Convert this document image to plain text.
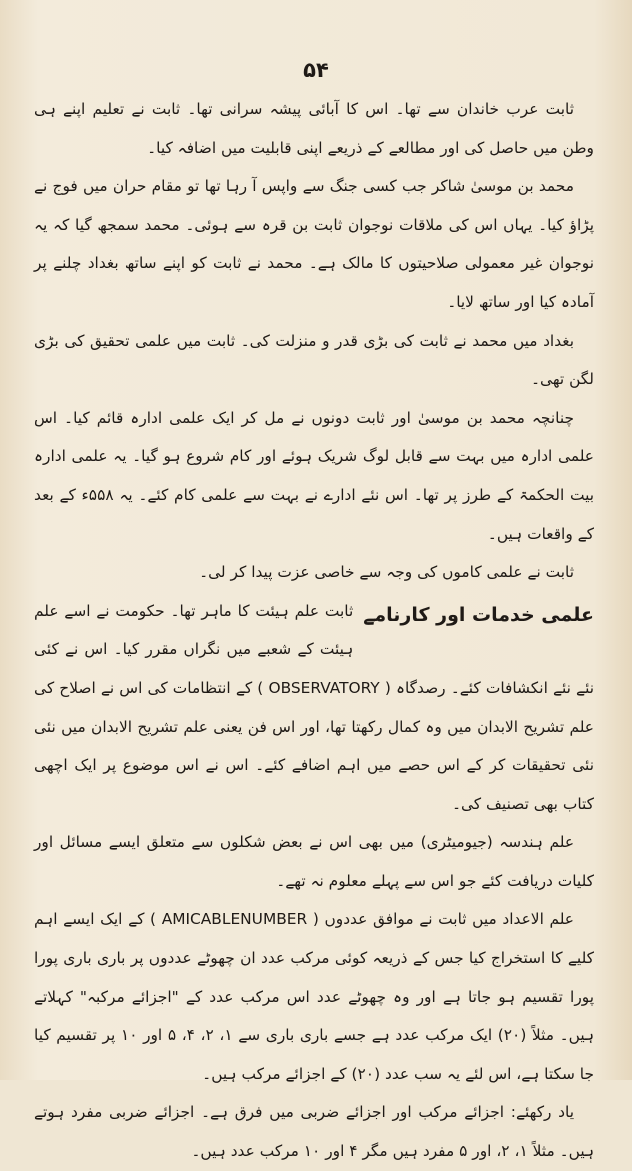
۵۴

ثابت عرب خاندان سے تھا۔ اس کا آبائی پیشہ سرانی تھا۔ ثابت نے تعلیم اپنے ہی وطن میں حاصل کی اور مطالعے کے ذریعے اپنی قابلیت میں اضافہ کیا۔

محمد بن موسیٰ شاکر جب کسی جنگ سے واپس آ رہا تھا تو مقام حران میں فوج نے پڑاؤ کیا۔ یہاں اس کی ملاقات نوجوان ثابت بن قرہ سے ہوئی۔ محمد سمجھ گیا کہ یہ نوجوان غیر معمولی صلاحیتوں کا مالک ہے۔ محمد نے ثابت کو اپنے ساتھ بغداد چلنے پر آمادہ کیا اور ساتھ لایا۔

بغداد میں محمد نے ثابت کی بڑی قدر و منزلت کی۔ ثابت میں علمی تحقیق کی بڑی لگن تھی۔

چنانچہ محمد بن موسیٰ اور ثابت دونوں نے مل کر ایک علمی ادارہ قائم کیا۔ اس علمی ادارہ میں بہت سے قابل لوگ شریک ہوئے اور کام شروع ہو گیا۔ یہ علمی ادارہ بیت الحکمۃ کے طرز پر تھا۔ اس نئے ادارے نے بہت سے علمی کام کئے۔ یہ ۵۵۸ء کے بعد کے واقعات ہیں۔

ثابت نے علمی کاموں کی وجہ سے خاصی عزت پیدا کر لی۔

علمی خدمات اور کارنامے

ثابت علم ہیئت کا ماہر تھا۔ حکومت نے اسے علم ہیئت کے شعبے میں نگراں مقرر کیا۔ اس نے کئی نئے نئے انکشافات کئے۔ رصدگاہ ( OBSERVATORY ) کے انتظامات کی اس نے اصلاح کی علم تشریح الابدان میں وہ کمال رکھتا تھا، اور اس فن یعنی علم تشریح الابدان میں نئی نئی تحقیقات کر کے اس حصے میں اہم اضافے کئے۔ اس نے اس موضوع پر ایک اچھی کتاب بھی تصنیف کی۔

علم ہندسہ (جیومیٹری) میں بھی اس نے بعض شکلوں سے متعلق ایسے مسائل اور کلیات دریافت کئے جو اس سے پہلے معلوم نہ تھے۔

علم الاعداد میں ثابت نے موافق عددوں ( AMICABLENUMBER ) کے ایک ایسے اہم کلیے کا استخراج کیا جس کے ذریعہ کوئی مرکب عدد ان چھوٹے عددوں پر باری باری پورا پورا تقسیم ہو جاتا ہے اور وہ چھوٹے عدد اس مرکب عدد کے "اجزائے مرکبہ" کہلاتے ہیں۔ مثلاً (۲۰) ایک مرکب عدد ہے جسے باری باری سے ۱، ۲، ۴، ۵ اور ۱۰ پر تقسیم کیا جا سکتا ہے، اس لئے یہ سب عدد (۲۰) کے اجزائے مرکب ہیں۔

یاد رکھئے: اجزائے مرکب اور اجزائے ضربی میں فرق ہے۔ اجزائے ضربی مفرد ہوتے ہیں۔ مثلاً ۱، ۲، اور ۵ مفرد ہیں مگر ۴ اور ۱۰ مرکب عدد ہیں۔
